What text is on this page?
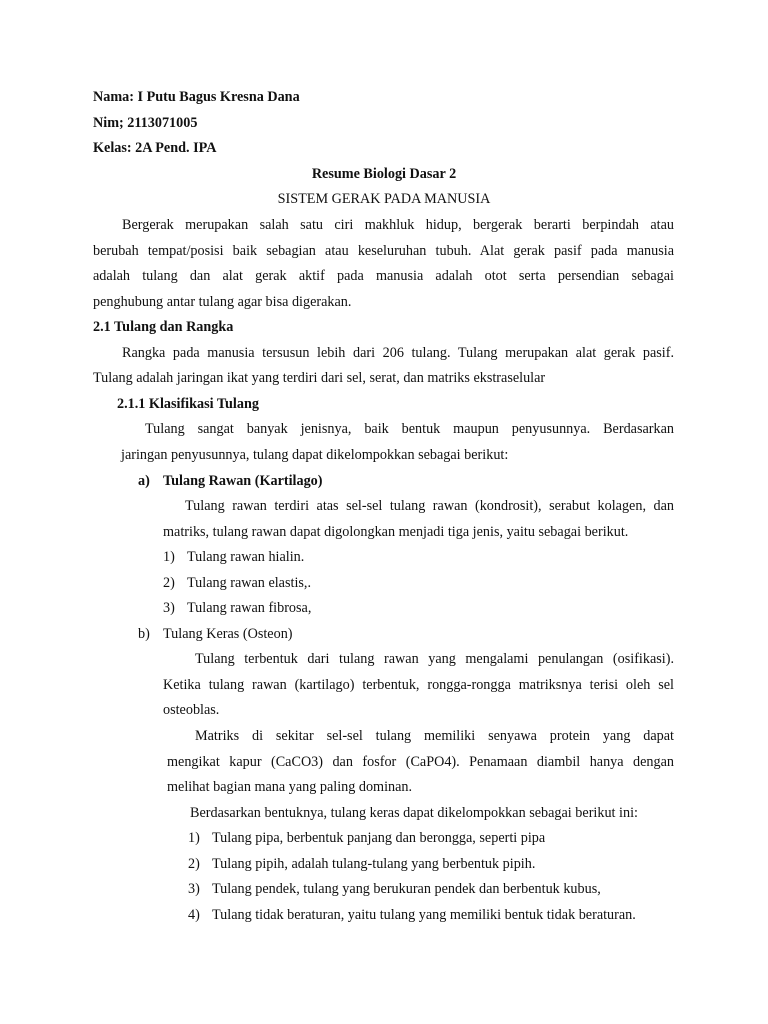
Nama: I Putu Bagus Kresna Dana
Nim; 2113071005
Kelas: 2A Pend. IPA
Resume Biologi Dasar 2
SISTEM GERAK PADA MANUSIA
Bergerak merupakan salah satu ciri makhluk hidup, bergerak berarti berpindah atau
berubah tempat/posisi baik sebagian atau keseluruhan tubuh. Alat gerak pasif pada manusia
adalah tulang dan alat gerak aktif pada manusia adalah otot serta persendian sebagai
penghubung antar tulang agar bisa digerakan.
2.1 Tulang dan Rangka
Rangka pada manusia tersusun lebih dari 206 tulang. Tulang merupakan alat gerak pasif.
Tulang adalah jaringan ikat yang terdiri dari sel, serat, dan matriks ekstraselular
2.1.1 Klasifikasi Tulang
Tulang sangat banyak jenisnya, baik bentuk maupun penyusunnya. Berdasarkan
jaringan penyusunnya, tulang dapat dikelompokkan sebagai berikut:
a) Tulang Rawan (Kartilago)
Tulang rawan terdiri atas sel-sel tulang rawan (kondrosit), serabut kolagen, dan
matriks, tulang rawan dapat digolongkan menjadi tiga jenis, yaitu sebagai berikut.
1) Tulang rawan hialin.
2) Tulang rawan elastis,.
3) Tulang rawan fibrosa,
b) Tulang Keras (Osteon)
Tulang terbentuk dari tulang rawan yang mengalami penulangan (osifikasi).
Ketika tulang rawan (kartilago) terbentuk, rongga-rongga matriksnya terisi oleh sel
osteoblas.
Matriks di sekitar sel-sel tulang memiliki senyawa protein yang dapat
mengikat kapur (CaCO3) dan fosfor (CaPO4). Penamaan diambil hanya dengan
melihat bagian mana yang paling dominan.
Berdasarkan bentuknya, tulang keras dapat dikelompokkan sebagai berikut ini:
1) Tulang pipa, berbentuk panjang dan berongga, seperti pipa
2) Tulang pipih, adalah tulang-tulang yang berbentuk pipih.
3) Tulang pendek, tulang yang berukuran pendek dan berbentuk kubus,
4) Tulang tidak beraturan, yaitu tulang yang memiliki bentuk tidak beraturan.
